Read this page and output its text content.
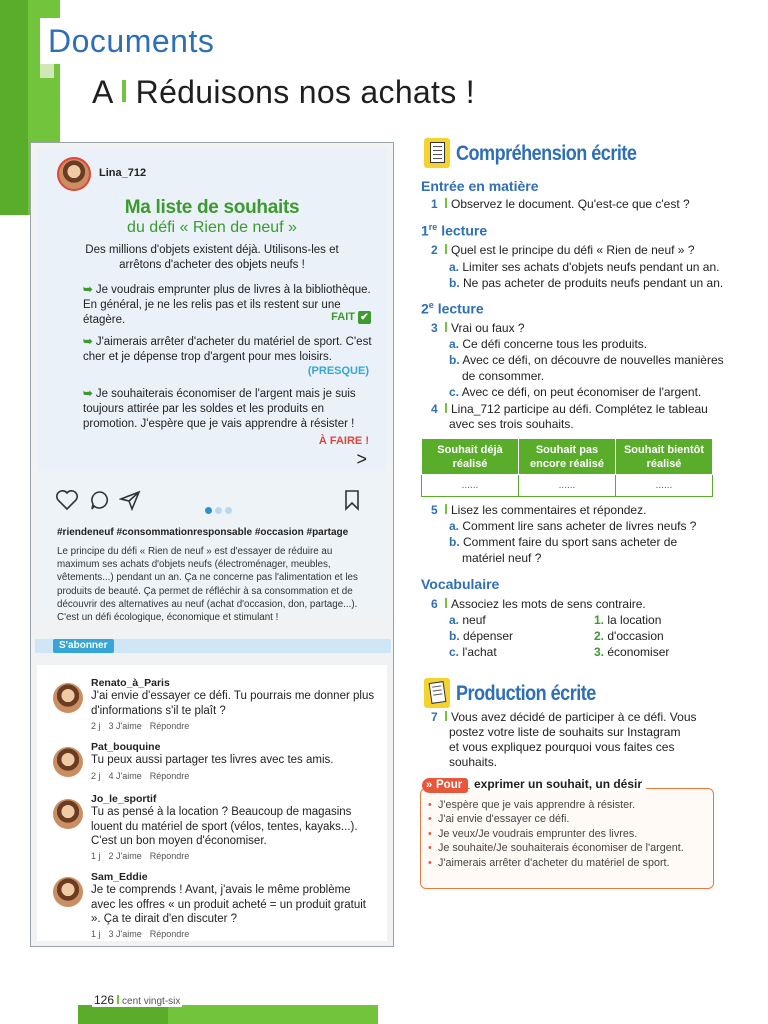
Documents
A Réduisons nos achats !
Lina_712
Ma liste de souhaits
du défi « Rien de neuf »
Des millions d'objets existent déjà. Utilisons-les et arrêtons d'acheter des objets neufs !
➥ Je voudrais emprunter plus de livres à la bibliothèque. En général, je ne les relis pas et ils restent sur une étagère.	FAIT ✔
➥ J'aimerais arrêter d'acheter du matériel de sport. C'est cher et je dépense trop d'argent pour mes loisirs.
(PRESQUE)
➥ Je souhaiterais économiser de l'argent mais je suis toujours attirée par les soldes et les produits en promotion. J'espère que je vais apprendre à résister !
À FAIRE !
>
#riendeneuf #consommationresponsable #occasion #partage
Le principe du défi « Rien de neuf » est d'essayer de réduire au maximum ses achats d'objets neufs (électroménager, meubles, vêtements...) pendant un an. Ça ne concerne pas l'alimentation et les produits de beauté. Ça permet de réfléchir à sa consommation et de découvrir des alternatives au neuf (achat d'occasion, don, partage...). C'est un défi écologique, économique et stimulant !
S'abonner
Renato_à_Paris
J'ai envie d'essayer ce défi. Tu pourrais me donner plus d'informations s'il te plaît ?
2 j 3 J'aime Répondre
Pat_bouquine
Tu peux aussi partager tes livres avec tes amis.
2 j 4 J'aime Répondre
Jo_le_sportif
Tu as pensé à la location ? Beaucoup de magasins louent du matériel de sport (vélos, tentes, kayaks...). C'est un bon moyen d'économiser.
1 j 2 J'aime Répondre
Sam_Eddie
Je te comprends ! Avant, j'avais le même problème avec les offres « un produit acheté = un produit gratuit ». Ça te dirait d'en discuter ?
1 j 3 J'aime Répondre
Compréhension écrite
Entrée en matière
1 Observez le document. Qu'est-ce que c'est ?
1re lecture
2 Quel est le principe du défi « Rien de neuf » ?
a. Limiter ses achats d'objets neufs pendant un an.
b. Ne pas acheter de produits neufs pendant un an.
2e lecture
3 Vrai ou faux ?
a. Ce défi concerne tous les produits.
b. Avec ce défi, on découvre de nouvelles manières
de consommer.
c. Avec ce défi, on peut économiser de l'argent.
4 Lina_712 participe au défi. Complétez le tableau
avec ses trois souhaits.
Souhait déjà réalisé	Souhait pas encore réalisé	Souhait bientôt réalisé
......	......	......
5 Lisez les commentaires et répondez.
a. Comment lire sans acheter de livres neufs ?
b. Comment faire du sport sans acheter de
matériel neuf ?
Vocabulaire
6 Associez les mots de sens contraire.
a. neuf
b. dépenser
c. l'achat
1. la location
2. d'occasion
3. économiser
Production écrite
7 Vous avez décidé de participer à ce défi. Vous
postez votre liste de souhaits sur Instagram
et vous expliquez pourquoi vous faites ces
souhaits.
» Pour exprimer un souhait, un désir
• J'espère que je vais apprendre à résister.
• J'ai envie d'essayer ce défi.
• Je veux/Je voudrais emprunter des livres.
• Je souhaite/Je souhaiterais économiser de l'argent.
• J'aimerais arrêter d'acheter du matériel de sport.
126 cent vingt-six
